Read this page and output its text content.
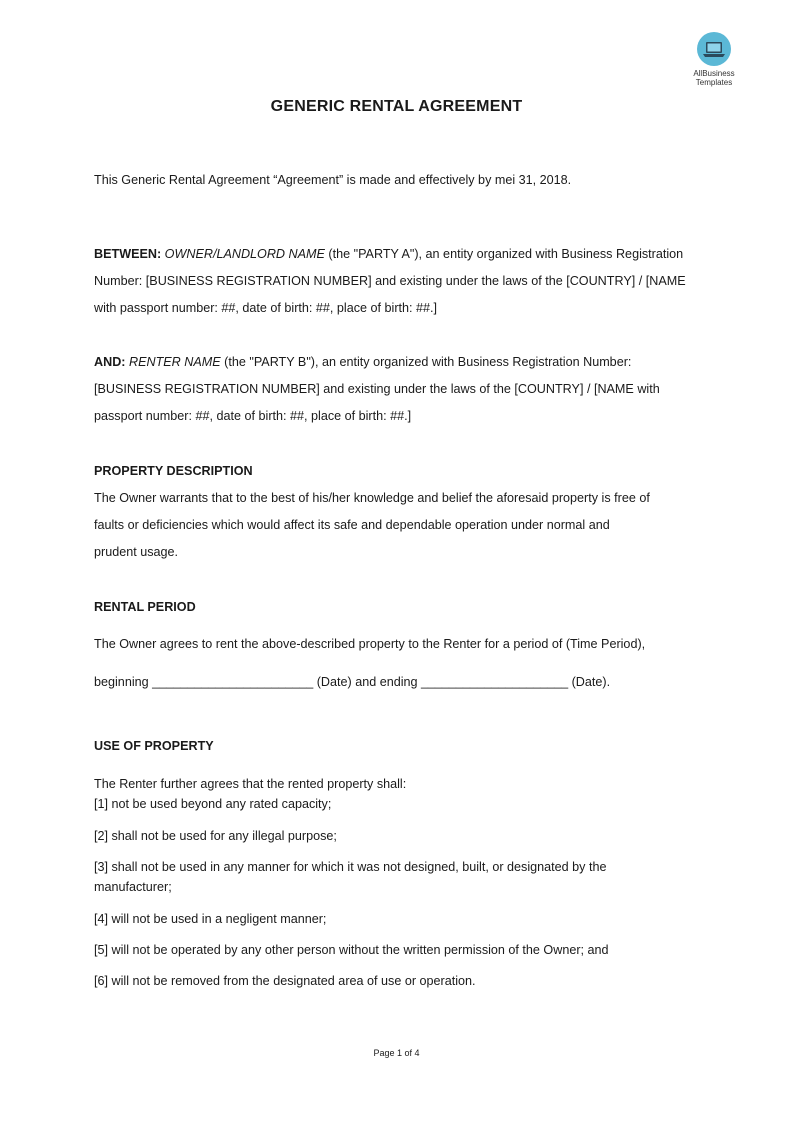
AllBusiness
Templates
GENERIC RENTAL AGREEMENT
This Generic Rental Agreement “Agreement” is made and effectively by mei 31, 2018.
BETWEEN: OWNER/LANDLORD NAME (the "PARTY A"), an entity organized with Business Registration
Number: [BUSINESS REGISTRATION NUMBER] and existing under the laws of the [COUNTRY] / [NAME
with passport number: ##, date of birth: ##, place of birth: ##.]
AND: RENTER NAME (the "PARTY B"), an entity organized with Business Registration Number:
[BUSINESS REGISTRATION NUMBER] and existing under the laws of the [COUNTRY] / [NAME with
passport number: ##, date of birth: ##, place of birth: ##.]
PROPERTY DESCRIPTION
The Owner warrants that to the best of his/her knowledge and belief the aforesaid property is free of
faults or deficiencies which would affect its safe and dependable operation under normal and
prudent usage.
RENTAL PERIOD
The Owner agrees to rent the above-described property to the Renter for a period of (Time Period),
beginning _______________________ (Date) and ending _____________________ (Date).
USE OF PROPERTY
The Renter further agrees that the rented property shall:
[1] not be used beyond any rated capacity;
[2] shall not be used for any illegal purpose;
[3] shall not be used in any manner for which it was not designed, built, or designated by the
manufacturer;
[4] will not be used in a negligent manner;
[5] will not be operated by any other person without the written permission of the Owner; and
[6] will not be removed from the designated area of use or operation.
Page 1 of 4
